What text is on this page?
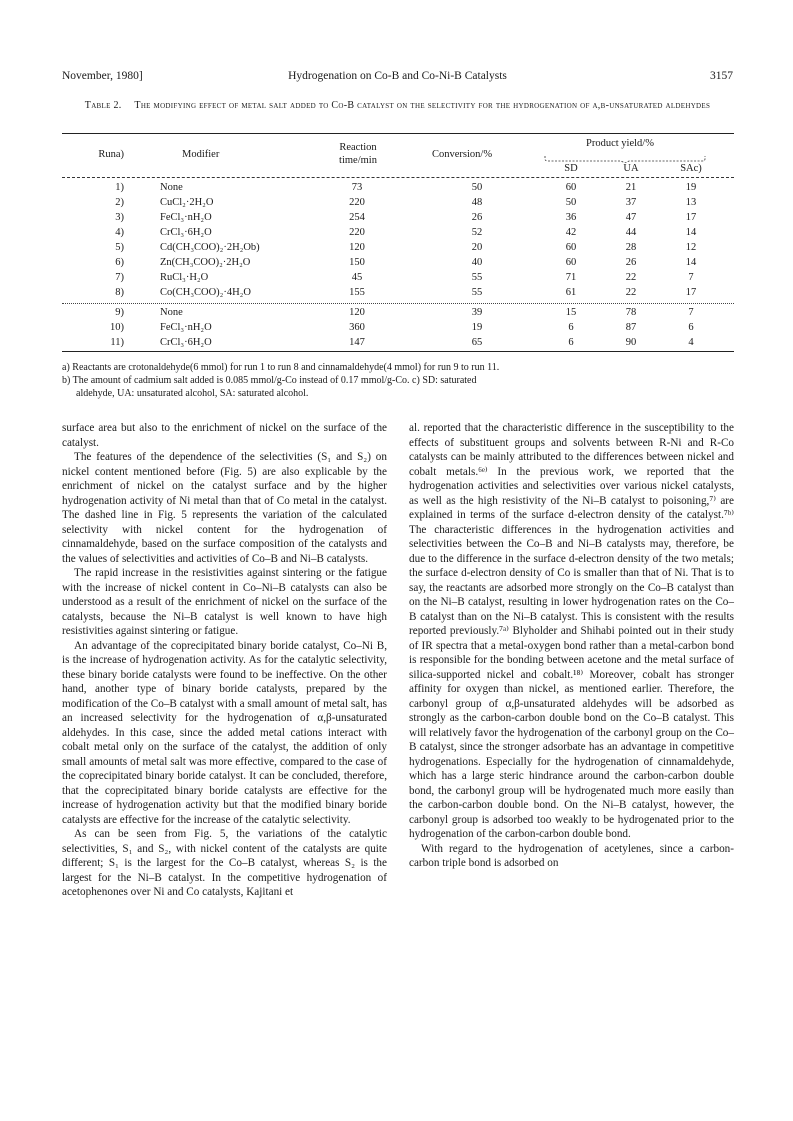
November, 1980]	Hydrogenation on Co-B and Co-Ni-B Catalysts	3157
Table 2. The modifying effect of metal salt added to Co-B catalyst on the selectivity for the hydrogenation of α,β-unsaturated aldehydes
Runa)	Modifier
Reaction time/min
Conversion/%
Product yield/%
SD	UA	SAc)
1)	None	73	50	60	21	19
2)	CuCl₂·2H₂O	220	48	50	37	13
3)	FeCl₃·nH₂O	254	26	36	47	17
4)	CrCl₃·6H₂O	220	52	42	44	14
5)	Cd(CH₃COO)₂·2H₂Ob)	120	20	60	28	12
6)	Zn(CH₃COO)₂·2H₂O	150	40	60	26	14
7)	RuCl₃·H₂O	45	55	71	22	7
8)	Co(CH₃COO)₂·4H₂O	155	55	61	22	17
9)	None	120	39	15	78	7
10)	FeCl₃·nH₂O	360	19	6	87	6
11)	CrCl₃·6H₂O	147	65	6	90	4

a) Reactants are crotonaldehyde(6 mmol) for run 1 to run 8 and cinnamaldehyde(4 mmol) for run 9 to run 11.

b) The amount of cadmium salt added is 0.085 mmol/g-Co instead of 0.17 mmol/g-Co. c) SD: saturated

aldehyde, UA: unsaturated alcohol, SA: saturated alcohol.

surface area but also to the enrichment of nickel on the surface of the catalyst.

The features of the dependence of the selectivities (S₁ and S₂) on nickel content mentioned before (Fig. 5) are also explicable by the enrichment of nickel on the catalyst surface and by the higher hydrogenation activity of Ni metal than that of Co metal in the catalyst. The dashed line in Fig. 5 represents the variation of the calculated selectivity with nickel content for the hydrogenation of cinnamaldehyde, based on the surface composition of the catalysts and the values of selectivities and activities of Co–B and Ni–B catalysts.

The rapid increase in the resistivities against sintering or the fatigue with the increase of nickel content in Co–Ni–B catalysts can also be understood as a result of the enrichment of nickel on the surface of the catalysts, because the Ni–B catalyst is well known to have high resistivities against sintering or fatigue.

An advantage of the coprecipitated binary boride catalyst, Co–Ni B, is the increase of hydrogenation activity. As for the catalytic selectivity, these binary boride catalysts were found to be ineffective. On the other hand, another type of binary boride catalysts, prepared by the modification of the Co–B catalyst with a small amount of metal salt, has an increased selectivity for the hydrogenation of α,β-unsaturated aldehydes. In this case, since the added metal cations interact with cobalt metal only on the surface of the catalyst, the addition of only small amounts of metal salt was more effective, compared to the case of the coprecipitated binary boride catalyst. It can be concluded, therefore, that the coprecipitated binary boride catalysts are effective for the increase of hydrogenation activity but that the modified binary boride catalysts are effective for the increase of the catalytic selectivity.

As can be seen from Fig. 5, the variations of the catalytic selectivities, S₁ and S₂, with nickel content of the catalysts are quite different; S₁ is the largest for the Co–B catalyst, whereas S₂ is the largest for the Ni–B catalyst. In the competitive hydrogenation of acetophenones over Ni and Co catalysts, Kajitani et

al. reported that the characteristic difference in the susceptibility to the effects of substituent groups and solvents between R-Ni and R-Co catalysts can be mainly attributed to the differences between nickel and cobalt metals.⁶ᵉ⁾ In the previous work, we reported that the hydrogenation activities and selectivities over various nickel catalysts, as well as the high resistivity of the Ni–B catalyst to poisoning,⁷⁾ are explained in terms of the surface d-electron density of the catalyst.⁷ᵇ⁾ The characteristic differences in the hydrogenation activities and selectivities between the Co–B and Ni–B catalysts may, therefore, be due to the difference in the surface d-electron density of the two metals; the surface d-electron density of Co is smaller than that of Ni. That is to say, the reactants are adsorbed more strongly on the Co–B catalyst than on the Ni–B catalyst, resulting in lower hydrogenation rates on the Co–B catalyst than on the Ni–B catalyst. This is consistent with the results reported previously.⁷ᵃ⁾ Blyholder and Shihabi pointed out in their study of IR spectra that a metal-oxygen bond rather than a metal-carbon bond is responsible for the bonding between acetone and the metal surface of silica-supported nickel and cobalt.¹⁸⁾ Moreover, cobalt has stronger affinity for oxygen than nickel, as mentioned earlier. Therefore, the carbonyl group of α,β-unsaturated aldehydes will be adsorbed as strongly as the carbon-carbon double bond on the Co–B catalyst. This will relatively favor the hydrogenation of the carbonyl group on the Co–B catalyst, since the stronger adsorbate has an advantage in competitive hydrogenations. Especially for the hydrogenation of cinnamaldehyde, which has a large steric hindrance around the carbon-carbon double bond, the carbonyl group will be hydrogenated much more easily than the carbon-carbon double bond. On the Ni–B catalyst, however, the carbonyl group is adsorbed too weakly to be hydrogenated prior to the hydrogenation of the carbon-carbon double bond.

With regard to the hydrogenation of acetylenes, since a carbon-carbon triple bond is adsorbed on
